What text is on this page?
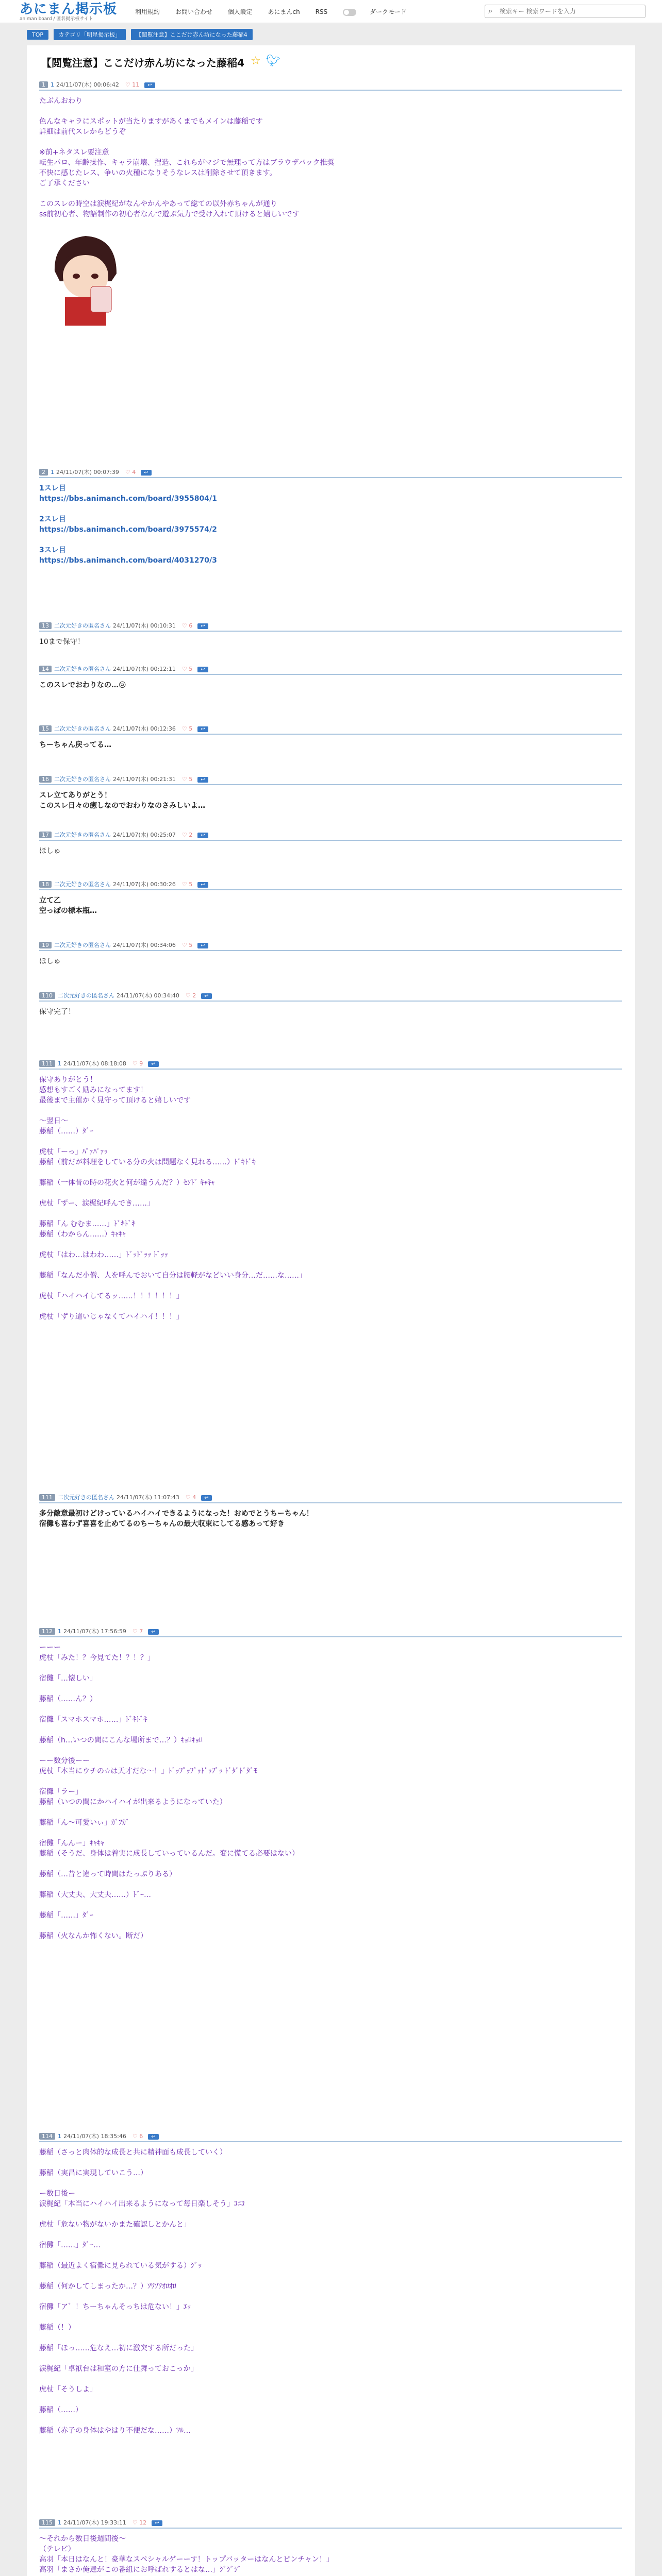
あにまん掲示板
animan board / 匿名掲示板サイト
利用規約 お問い合わせ 個人設定 あにまんch RSS	ダークモード	⌕
検索キー 検索ワードを入力
TOP	カテゴリ「明星掲示板」	【閲覧注意】ここだけ赤ん坊になった藤稲4
【閲覧注意】ここだけ赤ん坊になった藤稲4 ☆ 🐦︎
1 1 24/11/07(木) 00:06:42 ♡ 11 ↩
たぶんおわり

色んなキャラにスポットが当たりますがあくまでもメインは藤稲です
詳細は前代スレからどうぞ

※前+ネタスレ要注意
転生パロ、年齢操作、キャラ崩壊、捏造、これらがマジで無理って方はブラウザバック推奨
不快に感じたレス、争いの火種になりそうなレスは削除させて頂きます。
ご了承ください

このスレの時空は涙梶紀がなんやかんやあって総ての以外赤ちゃんが通り
ss前初心者、物語制作の初心者なんで遊ぶ気力で受け入れて頂けると嬉しいです
2 1 24/11/07(木) 00:07:39 ♡ 4 ↩
1スレ目
https://bbs.animanch.com/board/3955804/1

2スレ目
https://bbs.animanch.com/board/3975574/2

3スレ目
https://bbs.animanch.com/board/4031270/3
13 二次元好きの匿名さん 24/11/07(木) 00:10:31 ♡ 6 ↩
10まで保守！
14 二次元好きの匿名さん 24/11/07(木) 00:12:11 ♡ 5 ↩
このスレでおわりなの…😢
15 二次元好きの匿名さん 24/11/07(木) 00:12:36 ♡ 5 ↩
ちーちゃん戻ってる…
16 二次元好きの匿名さん 24/11/07(木) 00:21:31 ♡ 5 ↩
スレ立てありがとう！
このスレ日々の癒しなのでおわりなのさみしいよ…
17 二次元好きの匿名さん 24/11/07(木) 00:25:07 ♡ 2 ↩
ほしゅ
18 二次元好きの匿名さん 24/11/07(木) 00:30:26 ♡ 5 ↩
立て乙
空っぽの標本瓶…
19 二次元好きの匿名さん 24/11/07(木) 00:34:06 ♡ 5 ↩
ほしゅ
110 二次元好きの匿名さん 24/11/07(木) 00:34:40 ♡ 2 ↩
保守完了！
111 1 24/11/07(木) 08:18:08 ♡ 9 ↩
保守ありがとう！
感想もすごく励みになってます！
最後まで主催かく見守って頂けると嬉しいです

〜翌日〜
藤稲（……）ﾀﾞｰ

虎杖「ーっ」ﾊﾟｧﾊﾟｧｯ
藤稲（前だが料理をしている分の火は問題なく見れる……）ﾄﾞｷﾄﾞｷ

藤稲（一体昔の時の花火と何が違うんだ？）ｾﾝﾄﾞ ｷｬｷｬ

虎杖「ずー、涙梶紀呼んでき……」

藤稲「ん むむま……」ﾄﾞｷﾄﾞｷ
藤稲（わからん……）ｷｬｷｬ

虎杖「はわ…はわわ……」ﾄﾞｯﾄﾞｯｯ ﾄﾞｯｯ

藤稲「なんだ小僧、人を呼んでおいて自分は腰軽がなどいい身分…だ……な……」

虎杖「ハイハイしてるッ……！！！！！！」

虎杖「ずり這いじゃなくてハイハイ！！！」
111 二次元好きの匿名さん 24/11/07(木) 11:07:43 ♡ 4 ↩
多分敵意最初けどけっているハイハイできるようになった！おめでとうちーちゃん！
宿儺も喜わず喜喜を止めてるのちーちゃんの最大収束にしてる感あって好き
112 1 24/11/07(木) 17:56:59 ♡ 7 ↩
ーーー
虎杖「みた！？今見てた！？！？」

宿儺「…懐しい」

藤稲（……ん？）

宿儺「スマホスマホ……」ﾄﾞｷﾄﾞｷ

藤稲（h…いつの間にこんな場所まで…？）ｷｮﾛｷｮﾛ

ーー数分後ーー
虎杖「本当にウチの☆は天才だな〜！」ﾄﾞｯﾌﾟｯﾌﾟｯﾄﾞｯﾌﾟｯ ﾄﾞﾀﾞﾄﾞﾀﾞﾓ

宿儺「ラー」
藤稲（いつの間にかハイハイが出来るようになっていた）

藤稲「ん〜可愛いぃ」ｶﾞﾌｶﾞ

宿儺「んんー」ｷｬｷｬ
藤稲（そうだ、身体は着実に成長していっているんだ。変に慌てる必要はない）

藤稲（…昔と違って時間はたっぷりある）

藤稲（大丈夫、大丈夫……）ﾄﾞｰ…

藤稲「……」ﾀﾞｰ

藤稲（火なんか怖くない。断だ）
114 1 24/11/07(木) 18:35:46 ♡ 6 ↩
藤稲（さっと肉体的な成長と共に精神面も成長していく）

藤稲（実昌に実現していこう…）

ー数日後ー
涙梶紀「本当にハイハイ出来るようになって毎日楽しそう」ｺﾆｺ

虎杖「危ない物がないかまた確認しとかんと」

宿儺「……」ﾀﾞｰ…

藤稲（最近よく宿儺に見られている気がする）ｼﾞｯ

藤稲（何かしてしまったか…？）ｿﾜｿﾜｵﾛｵﾛ

宿儺「ア゛！ちーちゃんそっちは危ない！」ｴｯ

藤稲（！）

藤稲「ほっ……危なえ…初に激突する所だった」

涙梶紀「卓袱台は和室の方に仕舞っておこっか」

虎杖「そうしよ」

藤稲（……）

藤稲（赤子の身体はやはり不便だな……）ﾂﾙ…
115 1 24/11/07(木) 19:33:11 ♡ 12 ↩
〜それから数日後週間後〜
（テレビ）
高羽「本日はなんと！豪華なスペシャルゲーーす！トップバッターはなんとピンチャン！」
高羽「まさか俺達がこの番組にお呼ばれするとはな…」ｼﾞｼﾞｼﾞ
